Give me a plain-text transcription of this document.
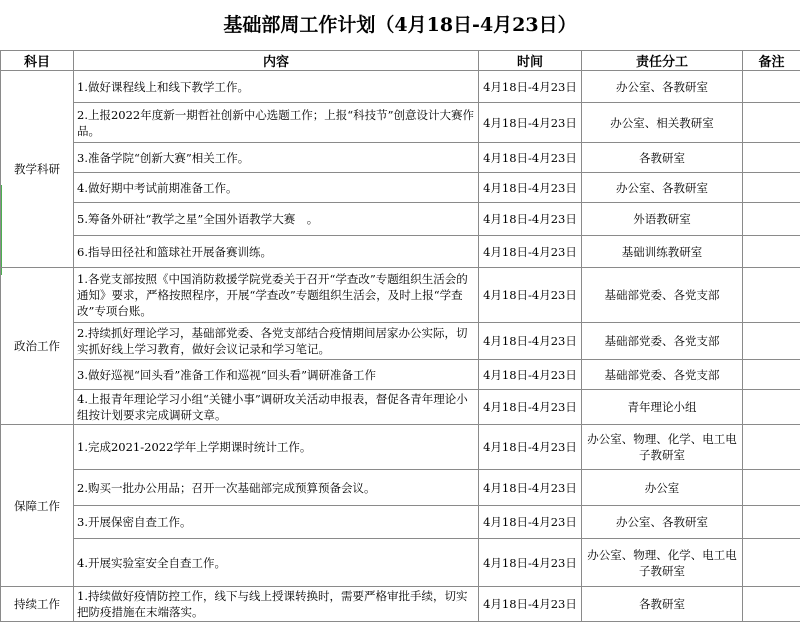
基础部周工作计划（4月18日-4月23日）
科目	内容	时间	责任分工	备注
教学科研	1.做好课程线上和线下教学工作。	4月18日-4月23日	办公室、各教研室	
	2.上报2022年度新一期哲社创新中心选题工作；上报“科技节”创意设计大赛作品。	4月18日-4月23日	办公室、相关教研室	
	3.准备学院“创新大赛”相关工作。	4月18日-4月23日	各教研室	
	4.做好期中考试前期准备工作。	4月18日-4月23日	办公室、各教研室	
	5.筹备外研社“教学之星”全国外语教学大赛　。	4月18日-4月23日	外语教研室	
	6.指导田径社和篮球社开展备赛训练。	4月18日-4月23日	基础训练教研室	
政治工作	1.各党支部按照《中国消防救援学院党委关于召开“学查改”专题组织生活会的通知》要求，严格按照程序，开展“学查改”专题组织生活会，及时上报“学查改”专项台账。	4月18日-4月23日	基础部党委、各党支部	
	2.持续抓好理论学习，基础部党委、各党支部结合疫情期间居家办公实际，切实抓好线上学习教育，做好会议记录和学习笔记。	4月18日-4月23日	基础部党委、各党支部	
	3.做好巡视“回头看”准备工作和巡视“回头看”调研准备工作	4月18日-4月23日	基础部党委、各党支部	
	4.上报青年理论学习小组“关键小事”调研攻关活动申报表，督促各青年理论小组按计划要求完成调研文章。	4月18日-4月23日	青年理论小组	
保障工作	1.完成2021-2022学年上学期课时统计工作。	4月18日-4月23日	办公室、物理、化学、电工电子教研室	
	2.购买一批办公用品；召开一次基础部完成预算预备会议。	4月18日-4月23日	办公室	
	3.开展保密自查工作。	4月18日-4月23日	办公室、各教研室	
	4.开展实验室安全自查工作。	4月18日-4月23日	办公室、物理、化学、电工电子教研室	
持续工作	1.持续做好疫情防控工作，线下与线上授课转换时，需要严格审批手续，切实把防疫措施在末端落实。	4月18日-4月23日	各教研室	
